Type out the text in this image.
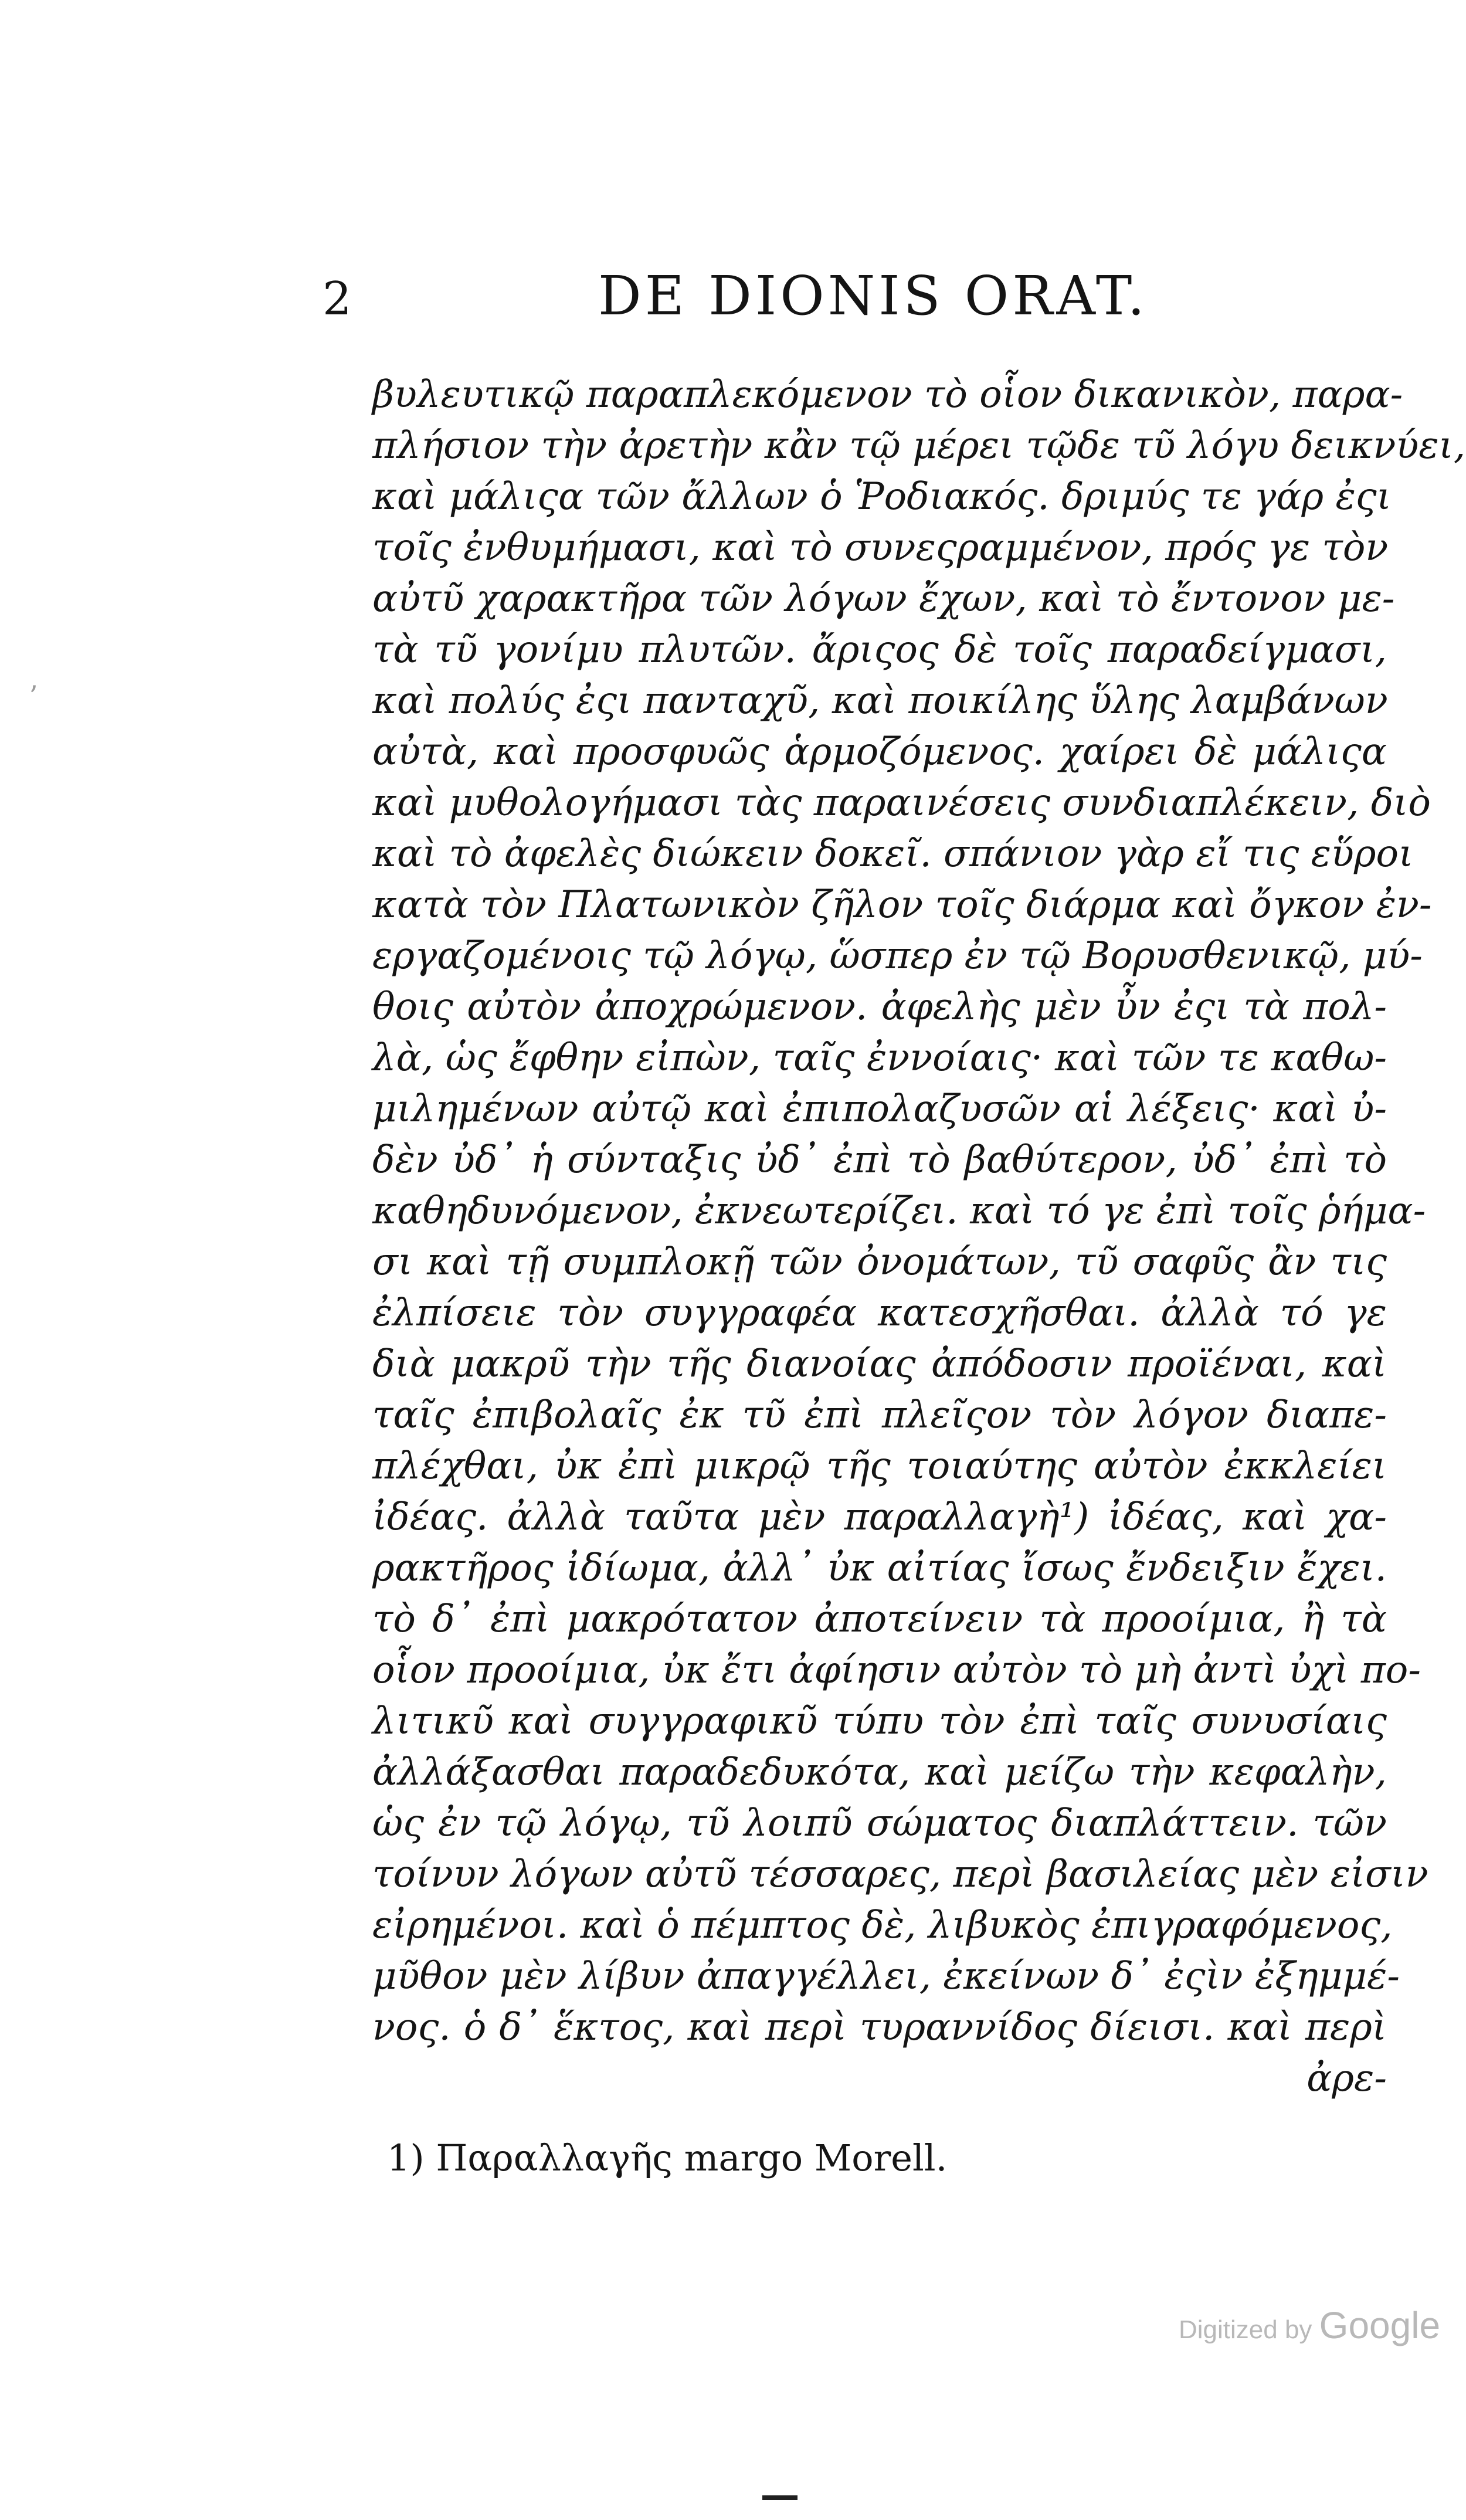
2	DE DIONIS ORAT.
βυλευτικῷ παραπλεκόμενον τὸ οἷον δικανικὸν, παρα-
πλήσιον τὴν ἀρετὴν κἂν τῷ μέρει τῷδε τῦ λόγυ δεικνύει,
καὶ μάλιςα τῶν ἄλλων ὁ Ῥοδιακός. δριμύς τε γάρ ἐςι
τοῖς ἐνθυμήμασι, καὶ τὸ συνεςραμμένον, πρός γε τὸν
αὐτῦ χαρακτῆρα τῶν λόγων ἔχων, καὶ τὸ ἔντονον με-
τὰ τῦ γονίμυ πλυτῶν. ἄριςος δὲ τοῖς παραδείγμασι,
καὶ πολύς ἐςι πανταχῦ, καὶ ποικίλης ὕλης λαμβάνων
αὐτὰ, καὶ προσφυῶς ἁρμοζόμενος. χαίρει δὲ μάλιςα
καὶ μυθολογήμασι τὰς παραινέσεις συνδιαπλέκειν, διὸ
καὶ τὸ ἀφελὲς διώκειν δοκεῖ. σπάνιον γὰρ εἴ τις εὕροι
κατὰ τὸν Πλατωνικὸν ζῆλον τοῖς διάρμα καὶ ὄγκον ἐν-
εργαζομένοις τῷ λόγῳ, ὥσπερ ἐν τῷ Βορυσθενικῷ, μύ-
θοις αὐτὸν ἀποχρώμενον. ἀφελὴς μὲν ὖν ἐςι τὰ πολ-
λὰ, ὡς ἔφθην εἰπὼν, ταῖς ἐννοίαις· καὶ τῶν τε καθω-
μιλημένων αὐτῷ καὶ ἐπιπολαζυσῶν αἱ λέξεις· καὶ ὐ-
δὲν ὐδ᾽ ἡ σύνταξις ὐδ᾽ ἐπὶ τὸ βαθύτερον, ὐδ᾽ ἐπὶ τὸ
καθηδυνόμενον, ἐκνεωτερίζει. καὶ τό γε ἐπὶ τοῖς ῥήμα-
σι καὶ τῇ συμπλοκῇ τῶν ὀνομάτων, τῦ σαφῦς ἂν τις
ἐλπίσειε τὸν συγγραφέα κατεσχῆσθαι. ἀλλὰ τό γε
διὰ μακρῦ τὴν τῆς διανοίας ἀπόδοσιν προϊέναι, καὶ
ταῖς ἐπιβολαῖς ἐκ τῦ ἐπὶ πλεῖςον τὸν λόγον διαπε-
πλέχθαι, ὐκ ἐπὶ μικρῷ τῆς τοιαύτης αὐτὸν ἐκκλείει
ἰδέας. ἀλλὰ ταῦτα μὲν παραλλαγὴ¹) ἰδέας, καὶ χα-
ρακτῆρος ἰδίωμα, ἀλλ᾽ ὐκ αἰτίας ἴσως ἔνδειξιν ἔχει.
τὸ δ᾽ ἐπὶ μακρότατον ἀποτείνειν τὰ προοίμια, ἢ τὰ
οἷον προοίμια, ὐκ ἔτι ἀφίησιν αὐτὸν τὸ μὴ ἀντὶ ὐχὶ πο-
λιτικῦ καὶ συγγραφικῦ τύπυ τὸν ἐπὶ ταῖς συνυσίαις
ἀλλάξασθαι παραδεδυκότα, καὶ μείζω τὴν κεφαλὴν,
ὡς ἐν τῷ λόγῳ, τῦ λοιπῦ σώματος διαπλάττειν. τῶν
τοίνυν λόγων αὐτῦ τέσσαρες, περὶ βασιλείας μὲν εἰσιν
εἰρημένοι. καὶ ὁ πέμπτος δὲ, λιβυκὸς ἐπιγραφόμενος,
μῦθον μὲν λίβυν ἀπαγγέλλει, ἐκείνων δ᾽ ἐςὶν ἐξημμέ-
νος. ὁ δ᾽ ἕκτος, καὶ περὶ τυραννίδος δίεισι. καὶ περὶ
ἀρε-
1) Παραλλαγῆς margo Morell.
Digitized by Google
ʼ
